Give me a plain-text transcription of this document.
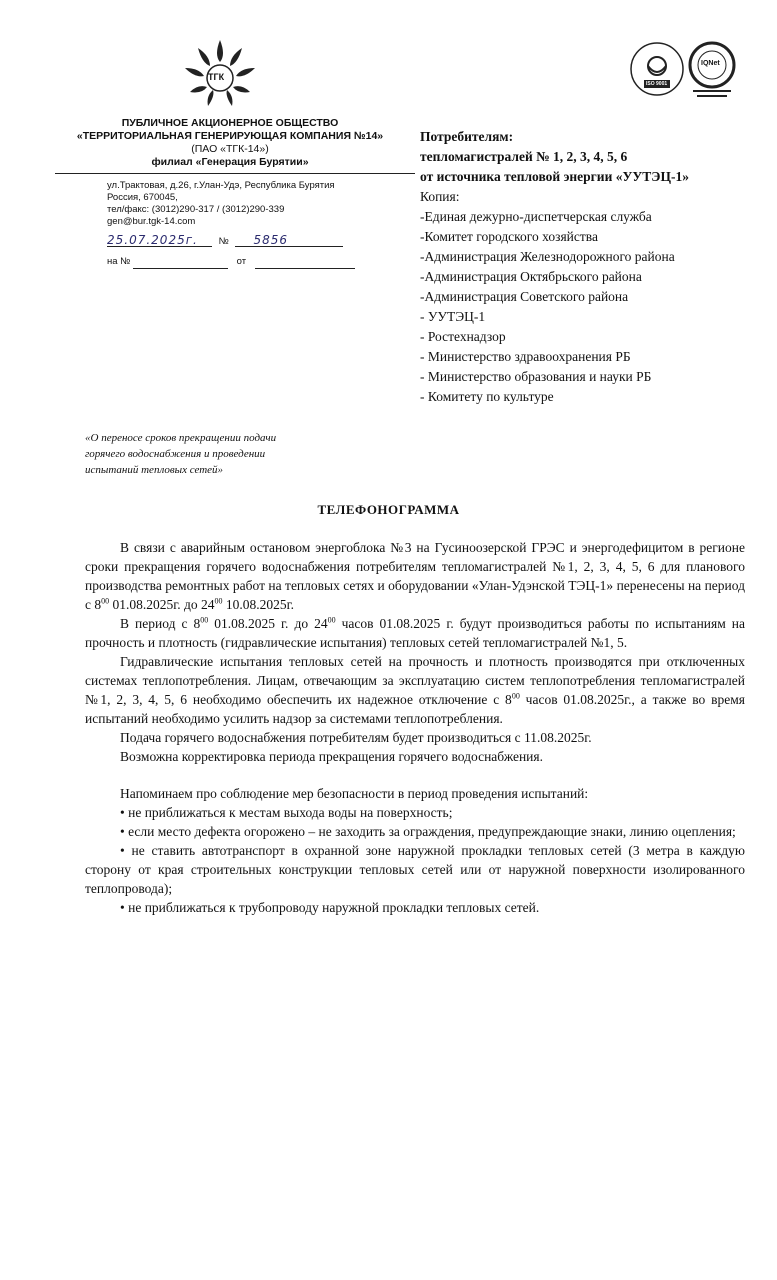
ТГК
ПУБЛИЧНОЕ АКЦИОНЕРНОЕ ОБЩЕСТВО
«ТЕРРИТОРИАЛЬНАЯ ГЕНЕРИРУЮЩАЯ КОМПАНИЯ №14»
(ПАО «ТГК-14»)
филиал «Генерация Бурятии»
ул.Трактовая, д.26, г.Улан-Удэ, Республика Бурятия
Россия, 670045,
тел/факс: (3012)290-317 / (3012)290-339
gen@bur.tgk-14.com
25.07.2025г. № 5856
на №	от
ISO 9001
IQNet
Потребителям:
тепломагистралей № 1, 2, 3, 4, 5, 6
от источника тепловой энергии «УУТЭЦ-1»
Копия:
-Единая дежурно-диспетчерская служба
-Комитет городского хозяйства
-Администрация Железнодорожного района
-Администрация Октябрьского района
-Администрация Советского района
- УУТЭЦ-1
- Ростехнадзор
- Министерство здравоохранения РБ
- Министерство образования и науки РБ
- Комитету по культуре
«О переносе сроков прекращении подачи
горячего водоснабжения и проведении
испытаний тепловых сетей»
ТЕЛЕФОНОГРАММА

В связи с аварийным остановом энергоблока №3 на Гусиноозерской ГРЭС и энергодефицитом в регионе сроки прекращения горячего водоснабжения потребителям тепломагистралей №1, 2, 3, 4, 5, 6 для планового производства ремонтных работ на тепловых сетях и оборудовании «Улан-Удэнской ТЭЦ-1» перенесены на период с $8^{00}$ 01.08.2025г. до $24^{00}$ 10.08.2025г.

В период с $8^{00}$ 01.08.2025 г. до $24^{00}$ часов 01.08.2025 г. будут производиться работы по испытаниям на прочность и плотность (гидравлические испытания) тепловых сетей тепломагистралей №1, 5.

Гидравлические испытания тепловых сетей на прочность и плотность производятся при отключенных системах теплопотребления. Лицам, отвечающим за эксплуатацию систем теплопотребления тепломагистралей №1, 2, 3, 4, 5, 6 необходимо обеспечить их надежное отключение с $8^{00}$ часов 01.08.2025г., а также во время испытаний необходимо усилить надзор за системами теплопотребления.

Подача горячего водоснабжения потребителям будет производиться с 11.08.2025г.

Возможна корректировка периода прекращения горячего водоснабжения.

Напоминаем про соблюдение мер безопасности в период проведения испытаний:

• не приближаться к местам выхода воды на поверхность;

• если место дефекта огорожено – не заходить за ограждения, предупреждающие знаки, линию оцепления;

• не ставить автотранспорт в охранной зоне наружной прокладки тепловых сетей (3 метра в каждую сторону от края строительных конструкции тепловых сетей или от наружной поверхности изолированного теплопровода);

• не приближаться к трубопроводу наружной прокладки тепловых сетей.
